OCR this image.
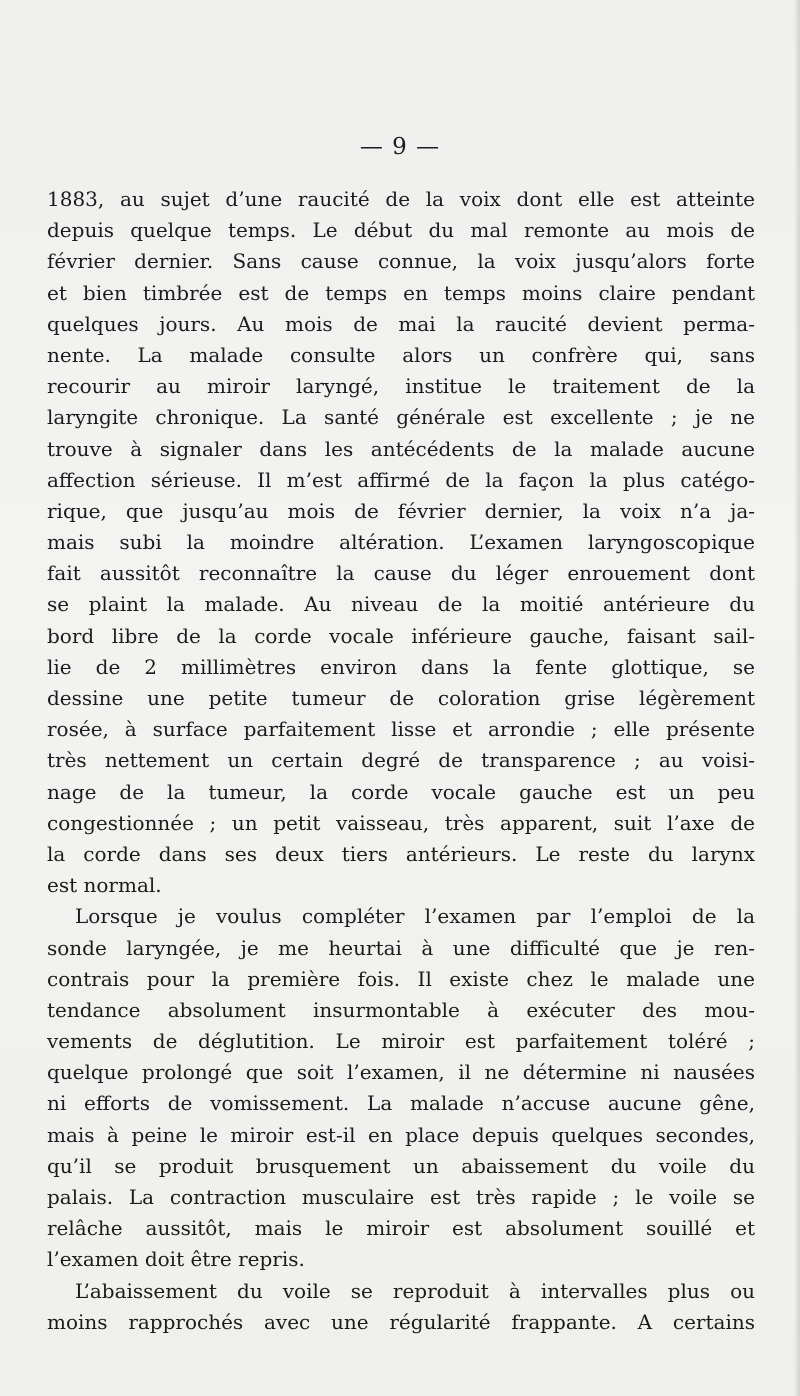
— 9 —
1883, au sujet d’une raucité de la voix dont elle est atteinte
depuis quelque temps. Le début du mal remonte au mois de
février dernier. Sans cause connue, la voix jusqu’alors forte
et bien timbrée est de temps en temps moins claire pendant
quelques jours. Au mois de mai la raucité devient perma-
nente. La malade consulte alors un confrère qui, sans
recourir au miroir laryngé, institue le traitement de la
laryngite chronique. La santé générale est excellente ; je ne
trouve à signaler dans les antécédents de la malade aucune
affection sérieuse. Il m’est affirmé de la façon la plus catégo-
rique, que jusqu’au mois de février dernier, la voix n’a ja-
mais subi la moindre altération. L’examen laryngoscopique
fait aussitôt reconnaître la cause du léger enrouement dont
se plaint la malade. Au niveau de la moitié antérieure du
bord libre de la corde vocale inférieure gauche, faisant sail-
lie de 2 millimètres environ dans la fente glottique, se
dessine une petite tumeur de coloration grise légèrement
rosée, à surface parfaitement lisse et arrondie ; elle présente
très nettement un certain degré de transparence ; au voisi-
nage de la tumeur, la corde vocale gauche est un peu
congestionnée ; un petit vaisseau, très apparent, suit l’axe de
la corde dans ses deux tiers antérieurs. Le reste du larynx
est normal.
Lorsque je voulus compléter l’examen par l’emploi de la
sonde laryngée, je me heurtai à une difficulté que je ren-
contrais pour la première fois. Il existe chez le malade une
tendance absolument insurmontable à exécuter des mou-
vements de déglutition. Le miroir est parfaitement toléré ;
quelque prolongé que soit l’examen, il ne détermine ni nausées
ni efforts de vomissement. La malade n’accuse aucune gêne,
mais à peine le miroir est-il en place depuis quelques secondes,
qu’il se produit brusquement un abaissement du voile du
palais. La contraction musculaire est très rapide ; le voile se
relâche aussitôt, mais le miroir est absolument souillé et
l’examen doit être repris.
L’abaissement du voile se reproduit à intervalles plus ou
moins rapprochés avec une régularité frappante. A certains
